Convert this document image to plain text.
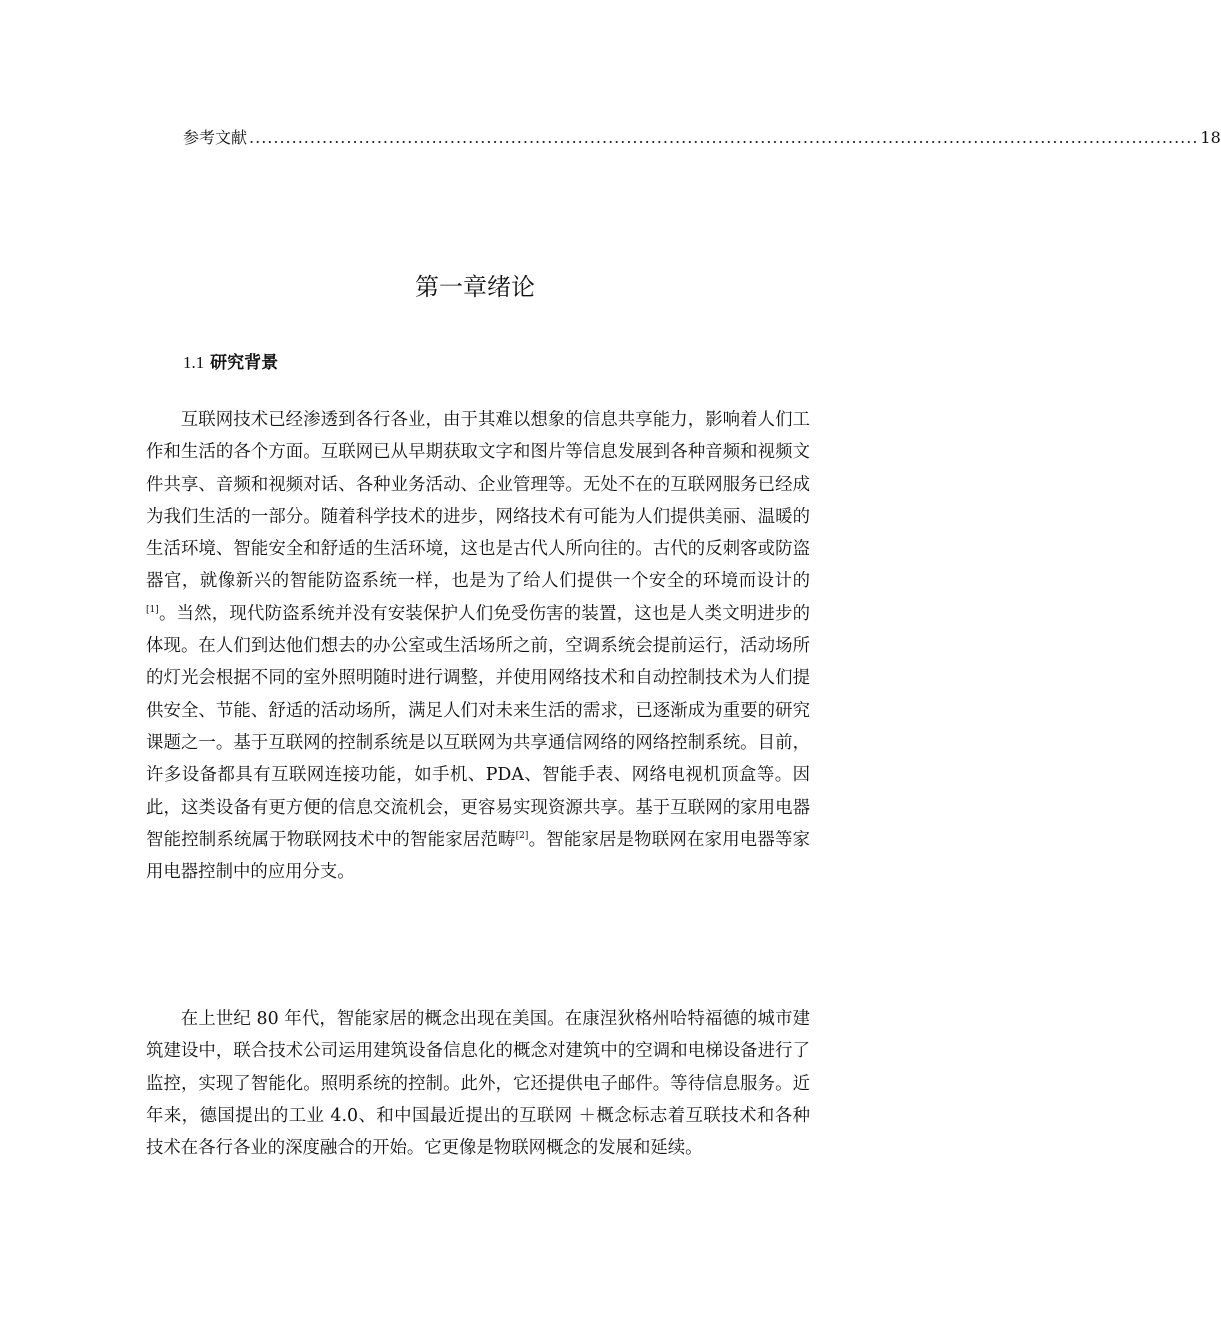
参考文献 ............................................................................................................................................................ 18
第一章绪论
1.1 研究背景

互联网技术已经渗透到各行各业，由于其难以想象的信息共享能力，影响着人们工作和生活的各个方面。互联网已从早期获取文字和图片等信息发展到各种音频和视频文件共享、音频和视频对话、各种业务活动、企业管理等。无处不在的互联网服务已经成为我们生活的一部分。随着科学技术的进步，网络技术有可能为人们提供美丽、温暖的生活环境、智能安全和舒适的生活环境，这也是古代人所向往的。古代的反刺客或防盗器官，就像新兴的智能防盗系统一样，也是为了给人们提供一个安全的环境而设计的[1]。当然，现代防盗系统并没有安装保护人们免受伤害的装置，这也是人类文明进步的体现。在人们到达他们想去的办公室或生活场所之前，空调系统会提前运行，活动场所的灯光会根据不同的室外照明随时进行调整，并使用网络技术和自动控制技术为人们提供安全、节能、舒适的活动场所，满足人们对未来生活的需求，已逐渐成为重要的研究课题之一。基于互联网的控制系统是以互联网为共享通信网络的网络控制系统。目前，许多设备都具有互联网连接功能，如手机、PDA、智能手表、网络电视机顶盒等。因此，这类设备有更方便的信息交流机会，更容易实现资源共享。基于互联网的家用电器智能控制系统属于物联网技术中的智能家居范畴[2]。智能家居是物联网在家用电器等家用电器控制中的应用分支。

在上世纪 80 年代，智能家居的概念出现在美国。在康涅狄格州哈特福德的城市建筑建设中，联合技术公司运用建筑设备信息化的概念对建筑中的空调和电梯设备进行了监控，实现了智能化。照明系统的控制。此外，它还提供电子邮件。等待信息服务。近年来，德国提出的工业 4.0、和中国最近提出的互联网 ＋概念标志着互联技术和各种技术在各行各业的深度融合的开始。它更像是物联网概念的发展和延续。
